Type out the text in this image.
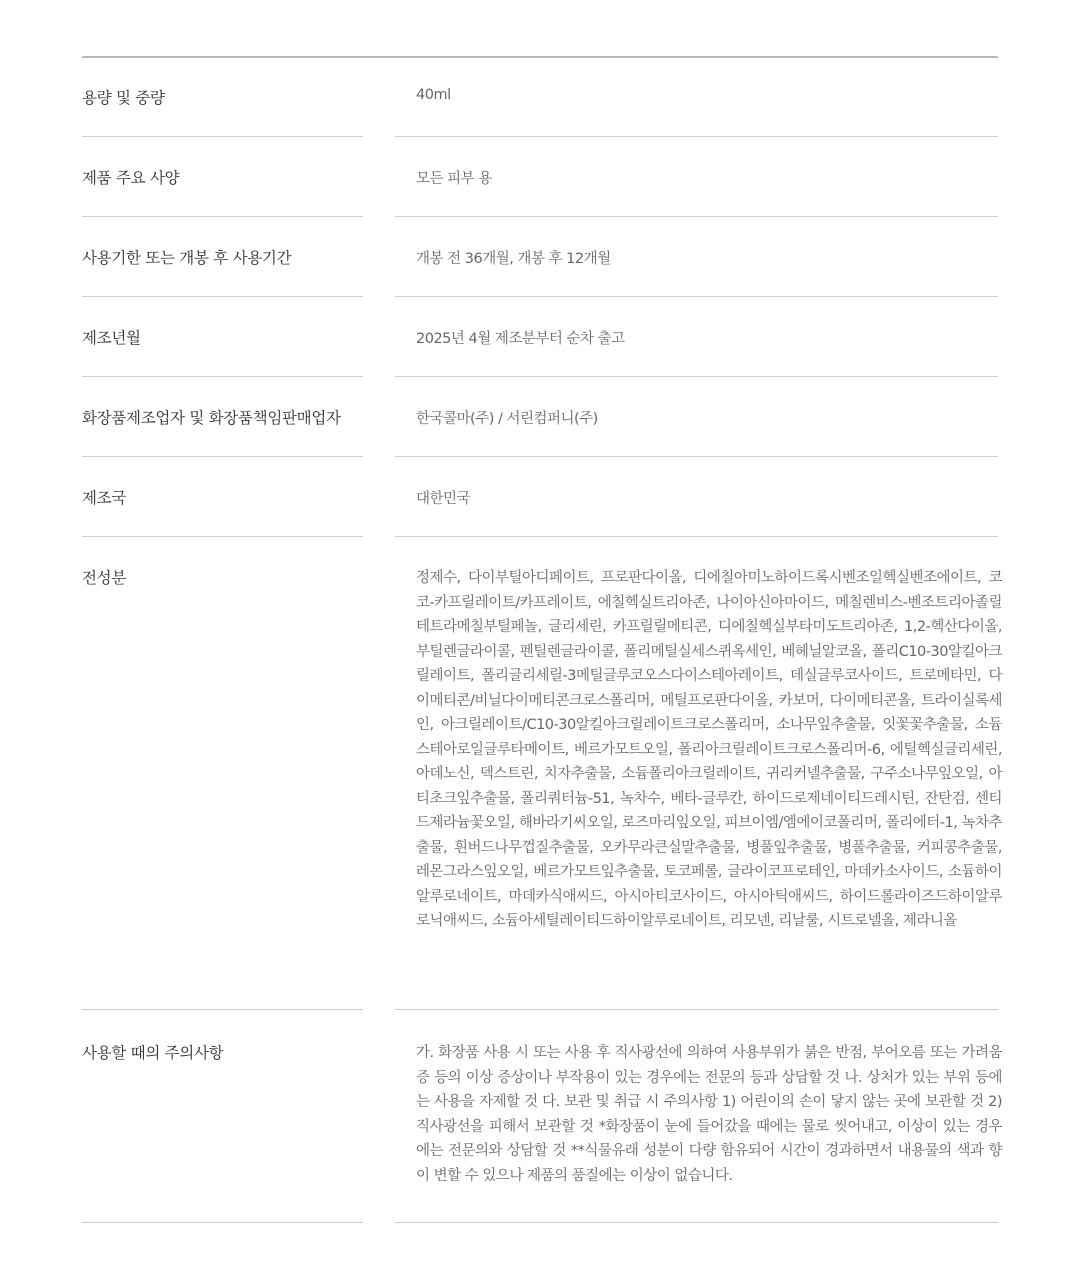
용량 및 중량	40ml
제품 주요 사양	모든 피부 용
사용기한 또는 개봉 후 사용기간	개봉 전 36개월, 개봉 후 12개월
제조년월	2025년 4월 제조분부터 순차 출고
화장품제조업자 및 화장품책임판매업자	한국콜마(주) / 서린컴퍼니(주)
제조국	대한민국
전성분	정제수, 다이부틸아디페이트, 프로판다이올, 디에칠아미노하이드록시벤조일헥실벤조에이트, 코코-카프릴레이트/카프레이트, 에칠헥실트리아존, 나이아신아마이드, 메칠렌비스-벤조트리아졸릴테트라메칠부틸페놀, 글리세린, 카프릴릴메티콘, 디에칠헥실부타미도트리아존, 1,2-헥산다이올, 부틸렌글라이콜, 펜틸렌글라이콜, 폴리메틸실세스퀴옥세인, 베헤닐알코올, 폴리C10-30알킬아크릴레이트, 폴리글리세릴-3메틸글루코오스다이스테아레이트, 데실글루코사이드, 트로메타민, 다이메티콘/비닐다이메티콘크로스폴리머, 메틸프로판다이올, 카보머, 다이메티콘올, 트라이실록세인, 아크릴레이트/C10-30알킬아크릴레이트크로스폴리머, 소나무잎추출물, 잇꽃꽃추출물, 소듐스테아로일글루타메이트, 베르가모트오일, 폴리아크릴레이트크로스폴리머-6, 에틸헥실글리세린, 아데노신, 덱스트린, 치자추출물, 소듐폴리아크릴레이트, 귀리커넬추출물, 구주소나무잎오일, 아티초크잎추출물, 폴리쿼터늄-51, 녹차수, 베타-글루칸, 하이드로제네이티드레시틴, 잔탄검, 센티드제라늄꽃오일, 해바라기씨오일, 로즈마리잎오일, 피브이엠/엠에이코폴리머, 폴리에터-1, 녹차추출물, 흰버드나무껍질추출물, 오카무라큰실말추출물, 병풀잎추출물, 병풀추출물, 커피콩추출물, 레몬그라스잎오일, 베르가모트잎추출물, 토코페롤, 글라이코프로테인, 마데카소사이드, 소듐하이알루로네이트, 마데카식애씨드, 아시아티코사이드, 아시아틱애씨드, 하이드롤라이즈드하이알루로닉애씨드, 소듐아세틸레이티드하이알루로네이트, 리모넨, 리날룰, 시트로넬올, 제라니올
사용할 때의 주의사항	가. 화장품 사용 시 또는 사용 후 직사광선에 의하여 사용부위가 붉은 반점, 부어오름 또는 가려움증 등의 이상 증상이나 부작용이 있는 경우에는 전문의 등과 상담할 것 나. 상처가 있는 부위 등에는 사용을 자제할 것 다. 보관 및 취급 시 주의사항 1) 어린이의 손이 닿지 않는 곳에 보관할 것 2) 직사광선을 피해서 보관할 것 *화장품이 눈에 들어갔을 때에는 물로 씻어내고, 이상이 있는 경우에는 전문의와 상담할 것 **식물유래 성분이 다량 함유되어 시간이 경과하면서 내용물의 색과 향이 변할 수 있으나 제품의 품질에는 이상이 없습니다.
